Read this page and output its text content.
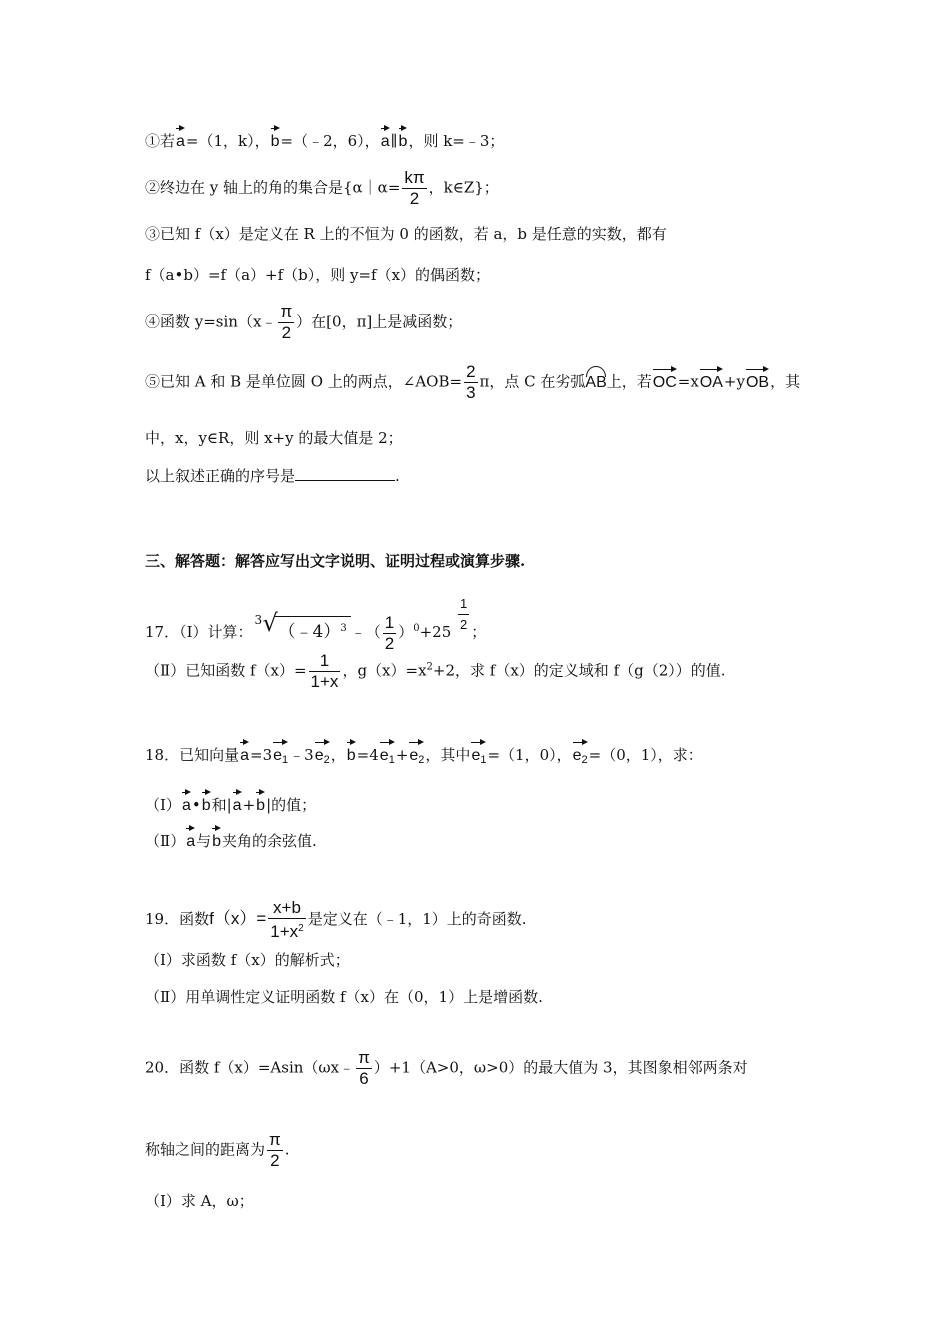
①若a=（1，k），b=（﹣2，6），a∥b，则 k=﹣3；
②终边在 y 轴上的角的集合是{α｜α= $\frac{k\pi}{2}$ ，k∈Z}；
③已知 f（x）是定义在 R 上的不恒为 0 的函数，若 a，b 是任意的实数，都有
f（a•b）=f（a）+f（b），则 y=f（x）的偶函数；
④函数 y=sin（x﹣ $\frac{\pi}{2}$ ）在[0，π]上是减函数；
⑤已知 A 和 B 是单位圆 O 上的两点，∠AOB= $\frac{2}{3}$ π，点 C 在劣弧AB上，若OC=xOA+yOB，其
中，x，y∈R，则 x+y 的最大值是 2；
以上叙述正确的序号是	.
三、解答题：解答应写出文字说明、证明过程或演算步骤.
17．（Ⅰ）计算：
3 √ （﹣4）$^3$ ﹣（ $\frac{1}{2} )^0+25 \frac{1}{2}$ ；
（Ⅱ）已知函数 $f(x)= \frac{1}{1+x}$ ，$g(x)=x^2+2$，求 f（x）的定义域和 f（g（2））的值.
18．已知向量$a=3e_1﹣3e_2$，$b=4e_1+e_2$，其中$e_1=(1$，0），$e_2=(0$，1），求：
（Ⅰ）a•b和|a+b|的值；
（Ⅱ）a与b夹角的余弦值.
19．函数$f(x)= \frac{x+b}{1+x^2}$ 是定义在（﹣1，1）上的奇函数.
（Ⅰ）求函数 f（x）的解析式；
（Ⅱ）用单调性定义证明函数 f（x）在（0，1）上是增函数.
20．函数 f（x）=Asin（ωx﹣ $\frac{\pi}{6} )+1(A>0$，ω>0）的最大值为 3，其图象相邻两条对
称轴之间的距离为 $\frac{\pi}{2}$ .
（Ⅰ）求 A，ω；
